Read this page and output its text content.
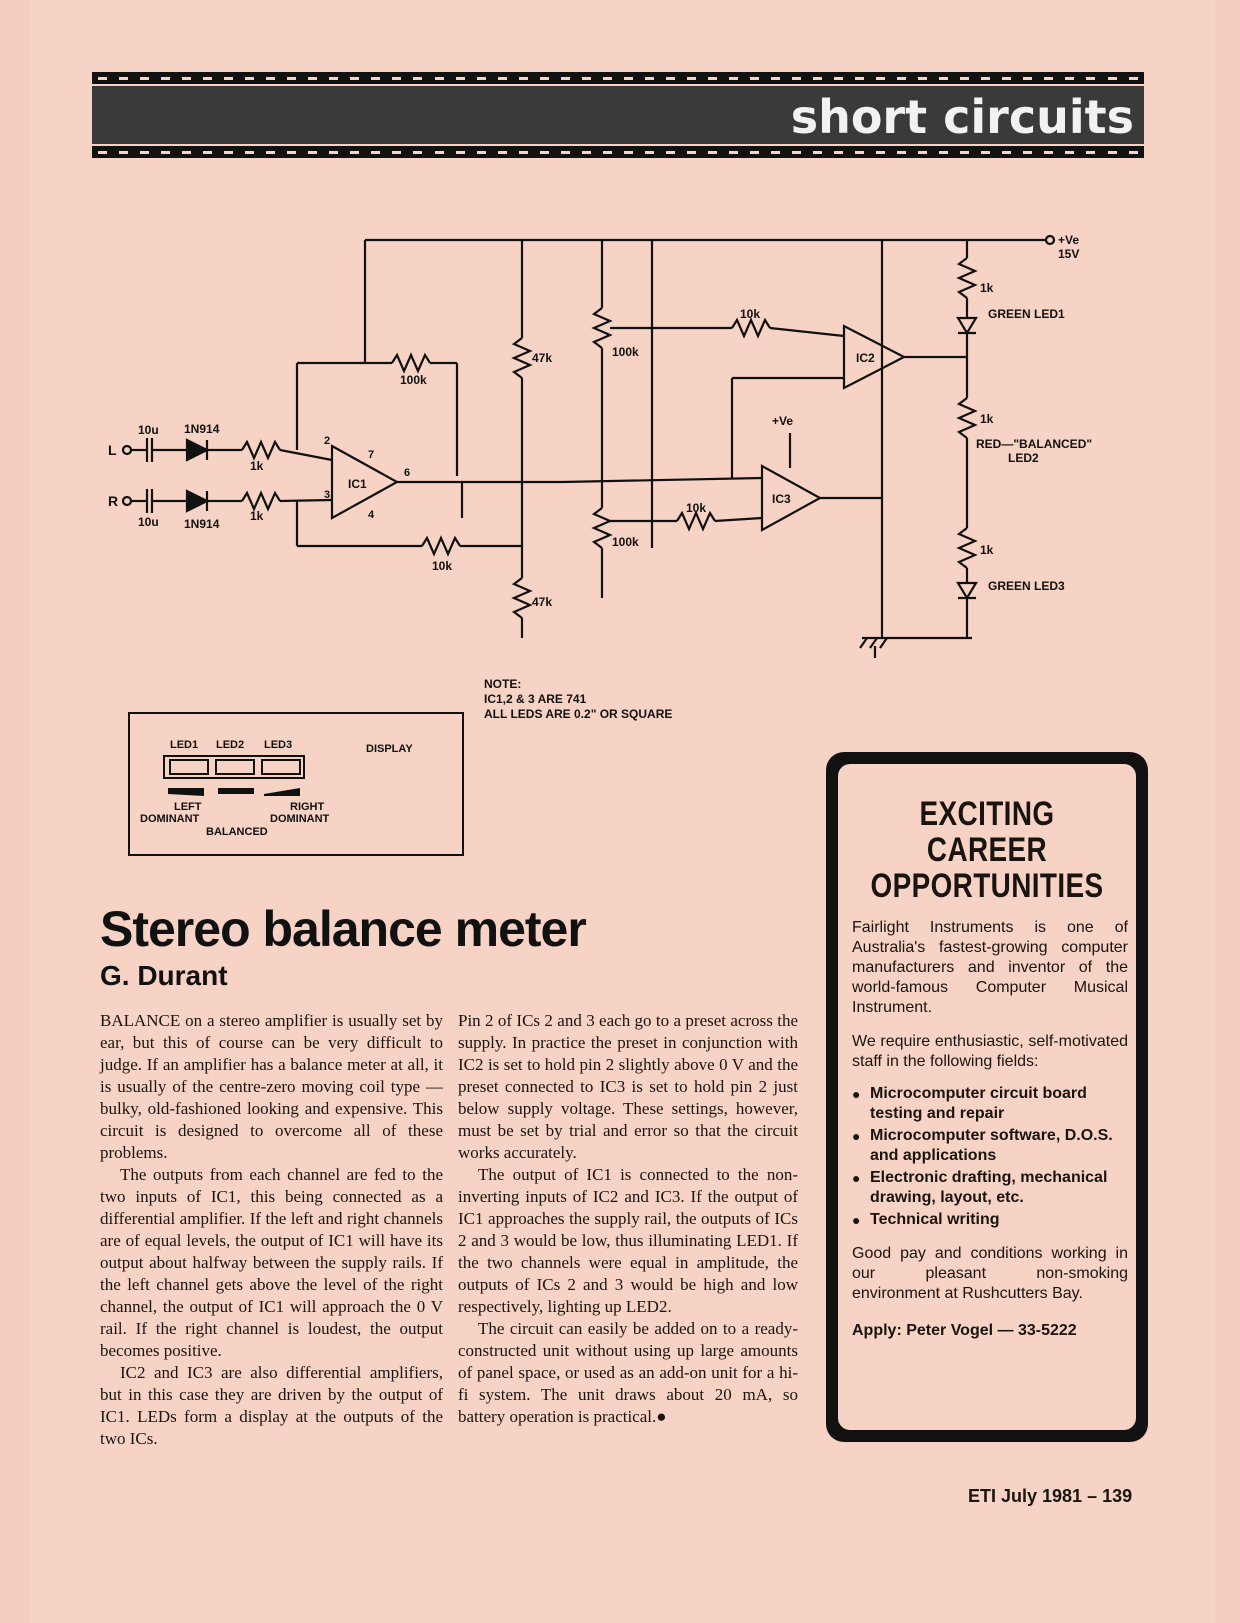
short circuits
+Ve
15V
+Ve
L
R
10u
10u
1N914
1N914
1k
1k
100k
10k
47k
47k
100k
100k
10k
10k
IC1
IC2
IC3
1k
1k
1k
GREEN LED1
RED—"BALANCED"
LED2
GREEN LED3
2
3
6
7
4
NOTE:
IC1,2 & 3 ARE 741
ALL LEDS ARE 0.2" OR SQUARE
LED1 LED2 LED3	DISPLAY
LEFT
DOMINANT
RIGHT
DOMINANT
BALANCED
Stereo balance meter
G. Durant

BALANCE on a stereo amplifier is usually set by ear, but this of course can be very difficult to judge. If an amplifier has a balance meter at all, it is usually of the centre-zero moving coil type — bulky, old-fashioned looking and expensive. This circuit is designed to overcome all of these problems.

The outputs from each channel are fed to the two inputs of IC1, this being connected as a differential amplifier. If the left and right channels are of equal levels, the output of IC1 will have its output about halfway between the supply rails. If the left channel gets above the level of the right channel, the output of IC1 will approach the 0 V rail. If the right channel is loudest, the output becomes positive.

IC2 and IC3 are also differential amplifiers, but in this case they are driven by the output of IC1. LEDs form a display at the outputs of the two ICs.

Pin 2 of ICs 2 and 3 each go to a preset across the supply. In practice the preset in conjunction with IC2 is set to hold pin 2 slightly above 0 V and the preset connected to IC3 is set to hold pin 2 just below supply voltage. These settings, however, must be set by trial and error so that the circuit works accurately.

The output of IC1 is connected to the non-inverting inputs of IC2 and IC3. If the output of IC1 approaches the supply rail, the outputs of ICs 2 and 3 would be low, thus illuminating LED1. If the two channels were equal in amplitude, the outputs of ICs 2 and 3 would be high and low respectively, lighting up LED2.

The circuit can easily be added on to a ready-constructed unit without using up large amounts of panel space, or used as an add-on unit for a hi-fi system. The unit draws about 20 mA, so battery operation is practical.●

EXCITING
CAREER
OPPORTUNITIES

Fairlight Instruments is one of Australia's fastest-growing computer manufacturers and inventor of the world-famous Computer Musical Instrument.

We require enthusiastic, self-motivated staff in the following fields:

● Microcomputer circuit board testing and repair
● Microcomputer software, D.O.S. and applications
● Electronic drafting, mechanical drawing, layout, etc.
● Technical writing

Good pay and conditions working in our pleasant non-smoking environment at Rushcutters Bay.

Apply: Peter Vogel — 33-5222
ETI July 1981 – 139
